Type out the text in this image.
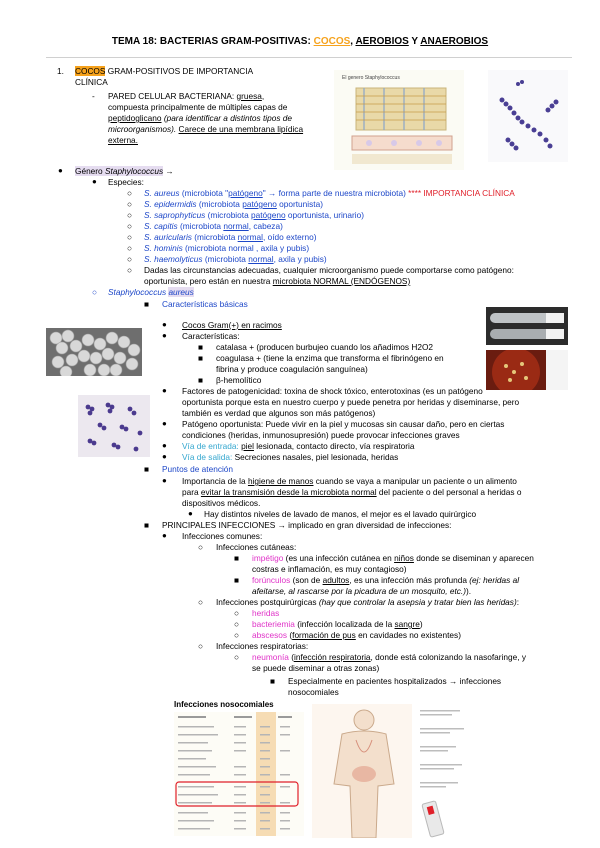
TEMA 18: BACTERIAS GRAM-POSITIVAS: COCOS, AEROBIOS Y ANAEROBIOS
1. COCOS GRAM-POSITIVOS DE IMPORTANCIA
CLÍNICA
- PARED CELULAR BACTERIANA: gruesa,
compuesta principalmente de múltiples capas de
peptidoglicano (para identificar a distintos tipos de
microorganismos). Carece de una membrana lipídica
externa.
El genero Staphylococcus
● Género Staphylococcus →
● Especies:
○ S. aureus (microbiota "patógeno" → forma parte de nuestra microbiota) **** IMPORTANCIA CLÍNICA
○ S. epidermidis (microbiota patógeno oportunista)
○ S. saprophyticus (microbiota patógeno oportunista, urinario)
○ S. capitis (microbiota normal, cabeza)
○ S. auricularis (microbiota normal, oído externo)
○ S. hominis (microbiota normal , axila y pubis)
○ S. haemolyticus (microbiota normal, axila y pubis)
○ Dadas las circunstancias adecuadas, cualquier microorganismo puede comportarse como patógeno:
oportunista, pero están en nuestra microbiota NORMAL (ENDÓGENOS)
○ Staphylococcus aureus
■ Características básicas
● Cocos Gram(+) en racimos
● Características:
■ catalasa + (producen burbujeo cuando los añadimos H2O2
■ coagulasa + (tiene la enzima que transforma el fibrinógeno en
fibrina y produce coagulación sanguínea)
■ β-hemolítico
● Factores de patogenicidad: toxina de shock tóxico, enterotoxinas (es un patógeno
oportunista porque esta en nuestro cuerpo y puede penetra por heridas y diseminarse, pero
también es verdad que algunos son más patógenos)
● Patógeno oportunista: Puede vivir en la piel y mucosas sin causar daño, pero en ciertas
condiciones (heridas, inmunosupresión) puede provocar infecciones graves
● Vía de entrada: piel lesionada, contacto directo, vía respiratoria
● Vía de salida: Secreciones nasales, piel lesionada, heridas
■ Puntos de atención
● Importancia de la higiene de manos cuando se vaya a manipular un paciente o un alimento
para evitar la transmisión desde la microbiota normal del paciente o del personal a heridas o
dispositivos médicos.
● Hay distintos niveles de lavado de manos, el mejor es el lavado quirúrgico
■ PRINCIPALES INFECCIONES → implicado en gran diversidad de infecciones:
● Infecciones comunes:
○ Infecciones cutáneas:
■ impétigo (es una infección cutánea en niños donde se diseminan y aparecen
costras e inflamación, es muy contagioso)
■ forúnculos (son de adultos, es una infección más profunda (ej: heridas al
afeitarse, al rascarse por la picadura de un mosquito, etc.)).
○ Infecciones postquirúrgicas (hay que controlar la asepsia y tratar bien las heridas):
○ heridas
○ bacteriemia (infección localizada de la sangre)
○ abscesos (formación de pus en cavidades no existentes)
○ Infecciones respiratorias:
○ neumonía (infección respiratoria, donde está colonizando la nasofaringe, y
se puede diseminar a otras zonas)
■ Especialmente en pacientes hospitalizados → infecciones
nosocomiales
Infecciones nosocomiales
